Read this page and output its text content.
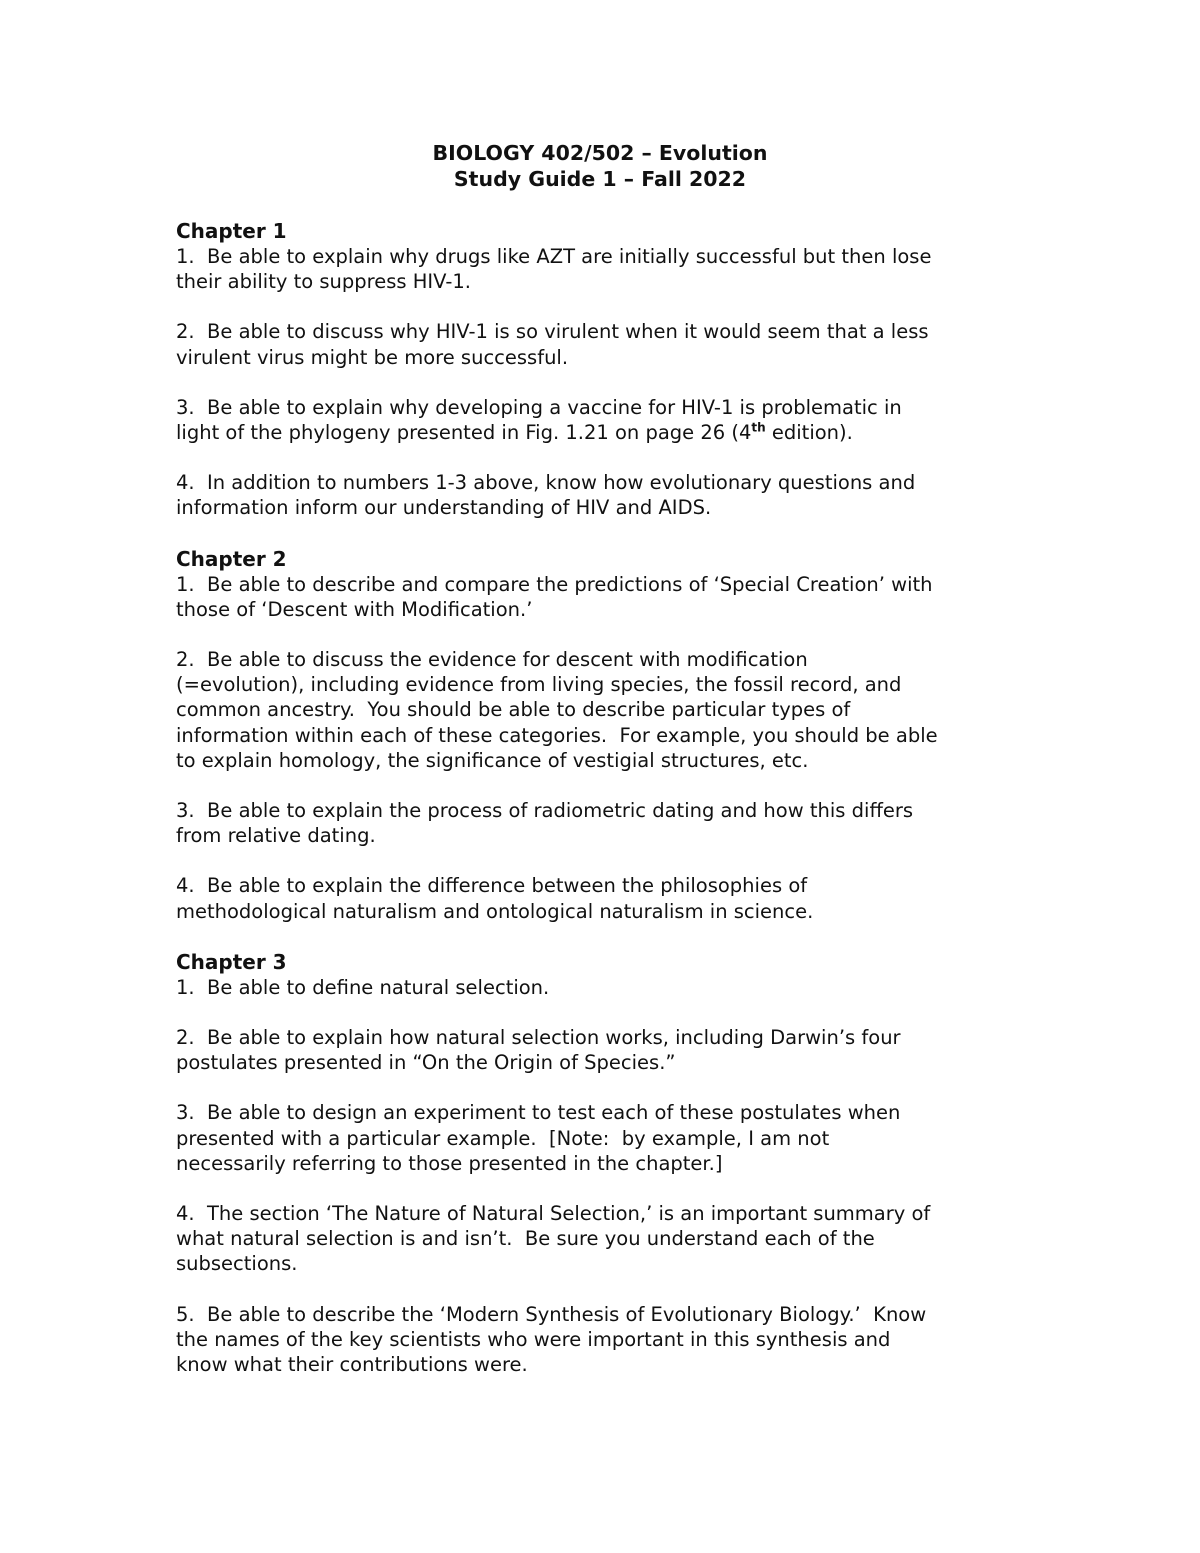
BIOLOGY 402/502 – Evolution
Study Guide 1 – Fall 2022
Chapter 1

1.  Be able to explain why drugs like AZT are initially successful but then lose

their ability to suppress HIV-1.

2.  Be able to discuss why HIV-1 is so virulent when it would seem that a less

virulent virus might be more successful.

3.  Be able to explain why developing a vaccine for HIV-1 is problematic in

light of the phylogeny presented in Fig. 1.21 on page 26 (4th edition).

4.  In addition to numbers 1-3 above, know how evolutionary questions and

information inform our understanding of HIV and AIDS.

Chapter 2

1.  Be able to describe and compare the predictions of ‘Special Creation’ with

those of ‘Descent with Modification.’

2.  Be able to discuss the evidence for descent with modification

(=evolution), including evidence from living species, the fossil record, and

common ancestry.  You should be able to describe particular types of

information within each of these categories.  For example, you should be able

to explain homology, the significance of vestigial structures, etc.

3.  Be able to explain the process of radiometric dating and how this differs

from relative dating.

4.  Be able to explain the difference between the philosophies of

methodological naturalism and ontological naturalism in science.

Chapter 3

1.  Be able to define natural selection.

2.  Be able to explain how natural selection works, including Darwin’s four

postulates presented in “On the Origin of Species.”

3.  Be able to design an experiment to test each of these postulates when

presented with a particular example.  [Note:  by example, I am not

necessarily referring to those presented in the chapter.]

4.  The section ‘The Nature of Natural Selection,’ is an important summary of

what natural selection is and isn’t.  Be sure you understand each of the

subsections.

5.  Be able to describe the ‘Modern Synthesis of Evolutionary Biology.’  Know

the names of the key scientists who were important in this synthesis and

know what their contributions were.
